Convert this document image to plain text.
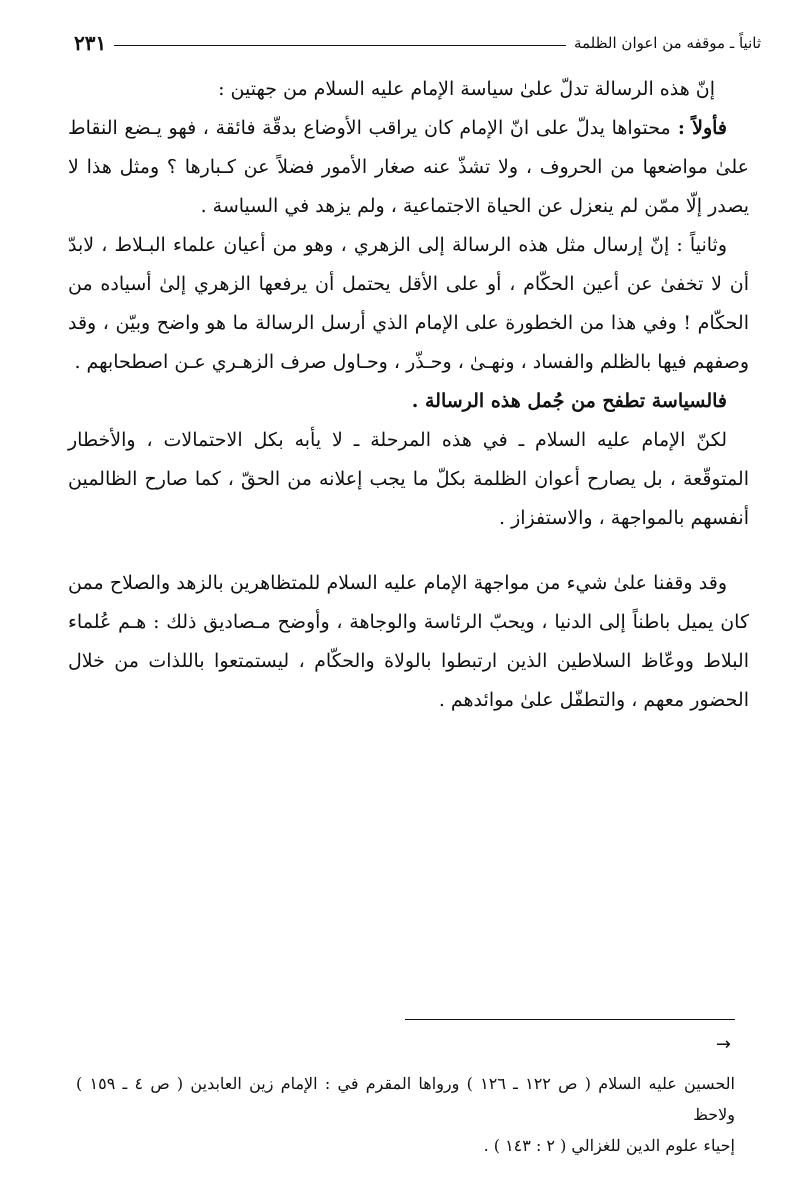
ثانياً ـ موقفه من اعوان الظلمة
٢٣١

إنّ هذه الرسالة تدلّ علىٰ سياسة الإمام عليه السلام من جهتين :

فأولاً : محتواها يدلّ على انّ الإمام كان يراقب الأوضاع بدقّة فائقة ، فهو يـضع النقاط علىٰ مواضعها من الحروف ، ولا تشذّ عنه صغار الأمور فضلاً عن كـبارها ؟ ومثل هذا لا يصدر إلّا ممّن لم ينعزل عن الحياة الاجتماعية ، ولم يزهد في السياسة .

وثانياً : إنّ إرسال مثل هذه الرسالة إلى الزهري ، وهو من أعيان علماء البـلاط ، لابدّ أن لا تخفىٰ عن أعين الحكّام ، أو على الأقل يحتمل أن يرفعها الزهري إلىٰ أسياده من الحكّام ! وفي هذا من الخطورة على الإمام الذي أرسل الرسالة ما هو واضح وبيّن ، وقد وصفهم فيها بالظلم والفساد ، ونهـىٰ ، وحـذّر ، وحـاول صرف الزهـري عـن اصطحابهم .

فالسياسة تطفح من جُمل هذه الرسالة .

لكنّ الإمام عليه السلام ـ في هذه المرحلة ـ لا يأبه بكل الاحتمالات ، والأخطار المتوقّعة ، بل يصارح أعوان الظلمة بكلّ ما يجب إعلانه من الحقّ ، كما صارح الظالمين أنفسهم بالمواجهة ، والاستفزاز .

وقد وقفنا علىٰ شيء من مواجهة الإمام عليه السلام للمتظاهرين بالزهد والصلاح ممن كان يميل باطناً إلى الدنيا ، ويحبّ الرئاسة والوجاهة ، وأوضح مـصاديق ذلك : هـم عُلماء البلاط ووعّاظ السلاطين الذين ارتبطوا بالولاة والحكّام ، ليستمتعوا باللذات من خلال الحضور معهم ، والتطفّل علىٰ موائدهم .

→

الحسين عليه السلام ( ص ١٢٢ ـ ١٢٦ ) ورواها المقرم في : الإمام زين العابدين ( ص ٤ ـ ١٥٩ ) ولاحظ

إحياء علوم الدين للغزالي ( ٢ : ١٤٣ ) .
